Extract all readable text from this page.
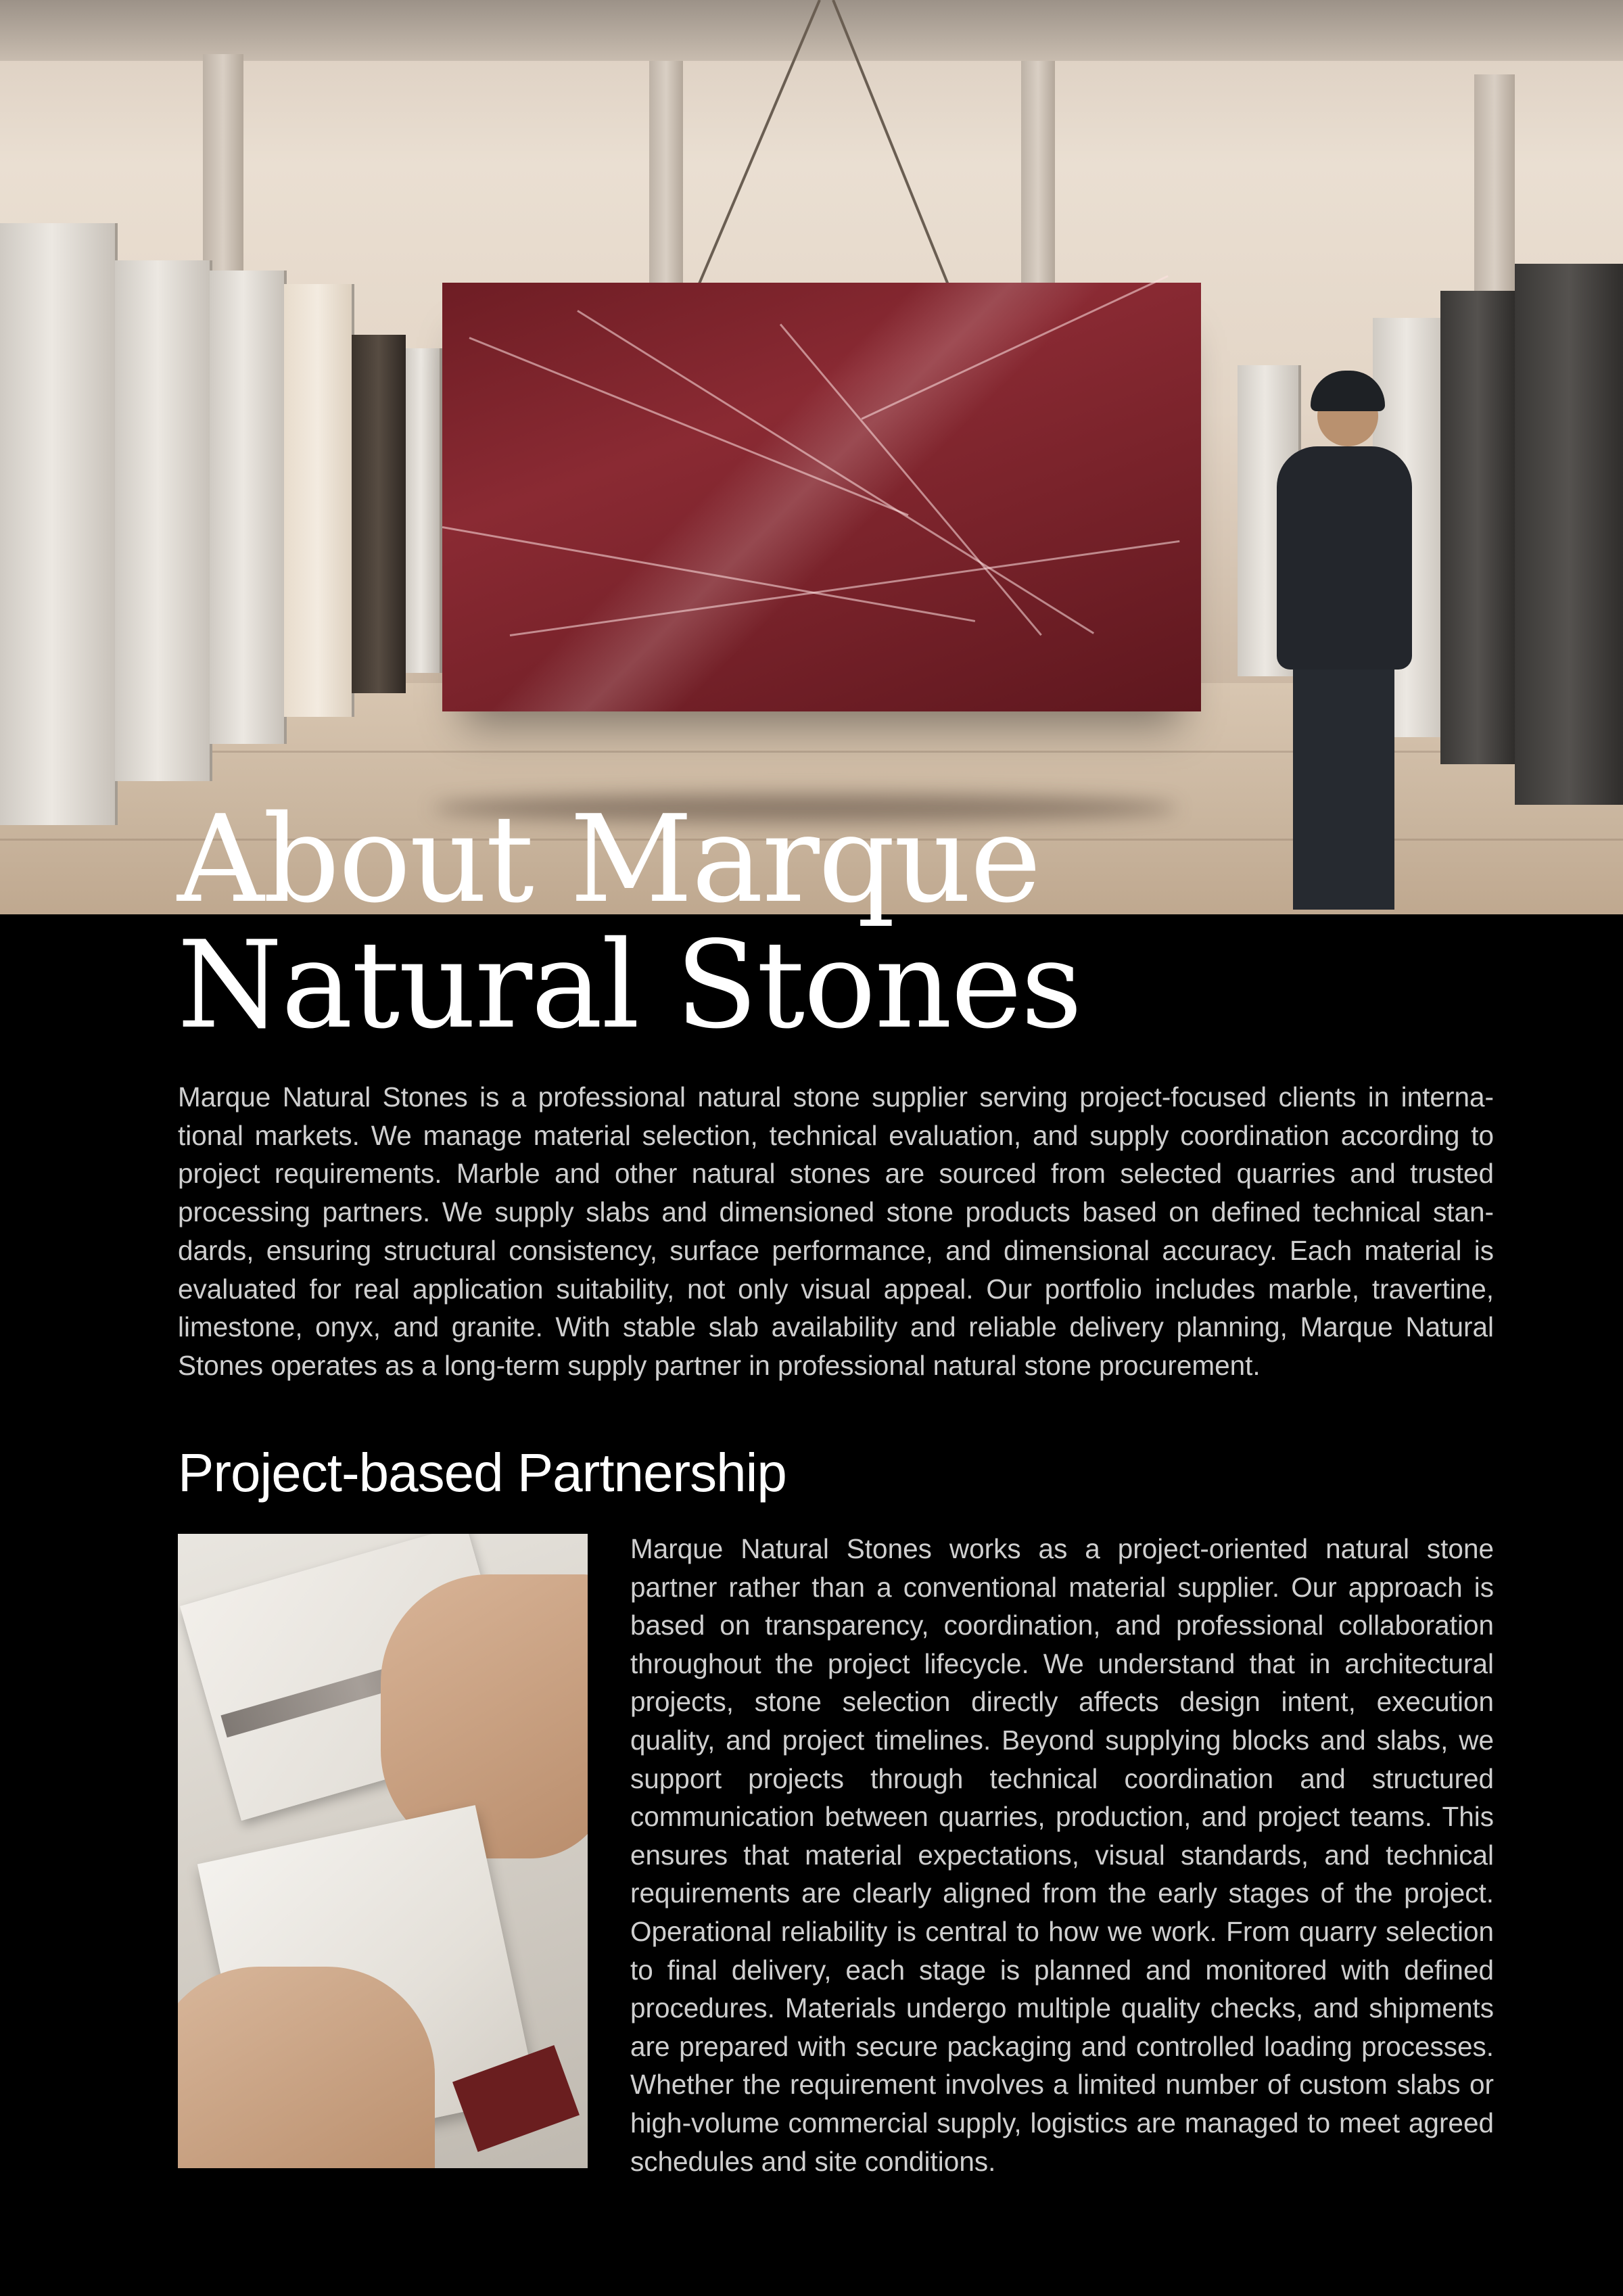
About Marque
Natural Stones

Marque Natural Stones is a professional natural stone supplier serving project-focused clients in international markets. We manage material selection, technical evaluation, and supply coordination according to project requirements. Marble and other natural stones are sourced from selected quarries and trusted processing partners. We supply slabs and dimensioned stone products based on defined technical standards, ensuring structural consistency, surface performance, and dimensional accuracy. Each material is evaluated for real application suitability, not only visual appeal. Our portfolio includes marble, travertine, limestone, onyx, and granite. With stable slab availability and reliable delivery planning, Marque Natural Stones operates as a long-term supply partner in professional natural stone procurement.

Project-based Partnership

Marque Natural Stones works as a project-oriented natural stone partner rather than a conventional material supplier. Our approach is based on transparency, coordination, and professional collaboration throughout the project lifecycle. We understand that in architectural projects, stone selection directly affects design intent, execution quality, and project timelines. Beyond supplying blocks and slabs, we support projects through technical coordination and structured communication between quarries, production, and project teams. This ensures that material expectations, visual standards, and technical requirements are clearly aligned from the early stages of the project. Operational reliability is central to how we work. From quarry selection to final delivery, each stage is planned and monitored with defined procedures. Materials undergo multiple quality checks, and shipments are prepared with secure packaging and controlled loading processes. Whether the requirement involves a limited number of custom slabs or high-volume commercial supply, logistics are managed to meet agreed schedules and site conditions.
